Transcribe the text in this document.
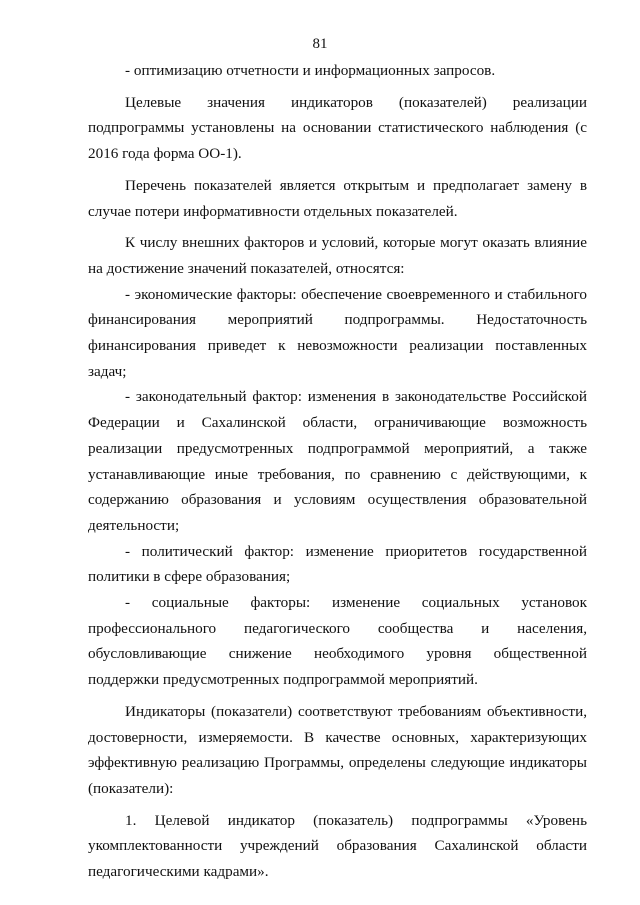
81

- оптимизацию отчетности и информационных запросов.

Целевые значения индикаторов (показателей) реализации подпрограммы установлены на основании статистического наблюдения (с 2016 года форма ОО-1).

Перечень показателей является открытым и предполагает замену в случае потери информативности отдельных показателей.

К числу внешних факторов и условий, которые могут оказать влияние на достижение значений показателей, относятся:

- экономические факторы: обеспечение своевременного и стабильного финансирования мероприятий подпрограммы. Недостаточность финансирования приведет к невозможности реализации поставленных задач;

- законодательный фактор: изменения в законодательстве Российской Федерации и Сахалинской области, ограничивающие возможность реализации предусмотренных подпрограммой мероприятий, а также устанавливающие иные требования, по сравнению с действующими, к содержанию образования и условиям осуществления образовательной деятельности;

- политический фактор: изменение приоритетов государственной политики в сфере образования;

- социальные факторы: изменение социальных установок профессионального педагогического сообщества и населения, обусловливающие снижение необходимого уровня общественной поддержки предусмотренных подпрограммой мероприятий.

Индикаторы (показатели) соответствуют требованиям объективности, достоверности, измеряемости. В качестве основных, характеризующих эффективную реализацию Программы, определены следующие индикаторы (показатели):

1. Целевой индикатор (показатель) подпрограммы «Уровень укомплектованности учреждений образования Сахалинской области педагогическими кадрами».
